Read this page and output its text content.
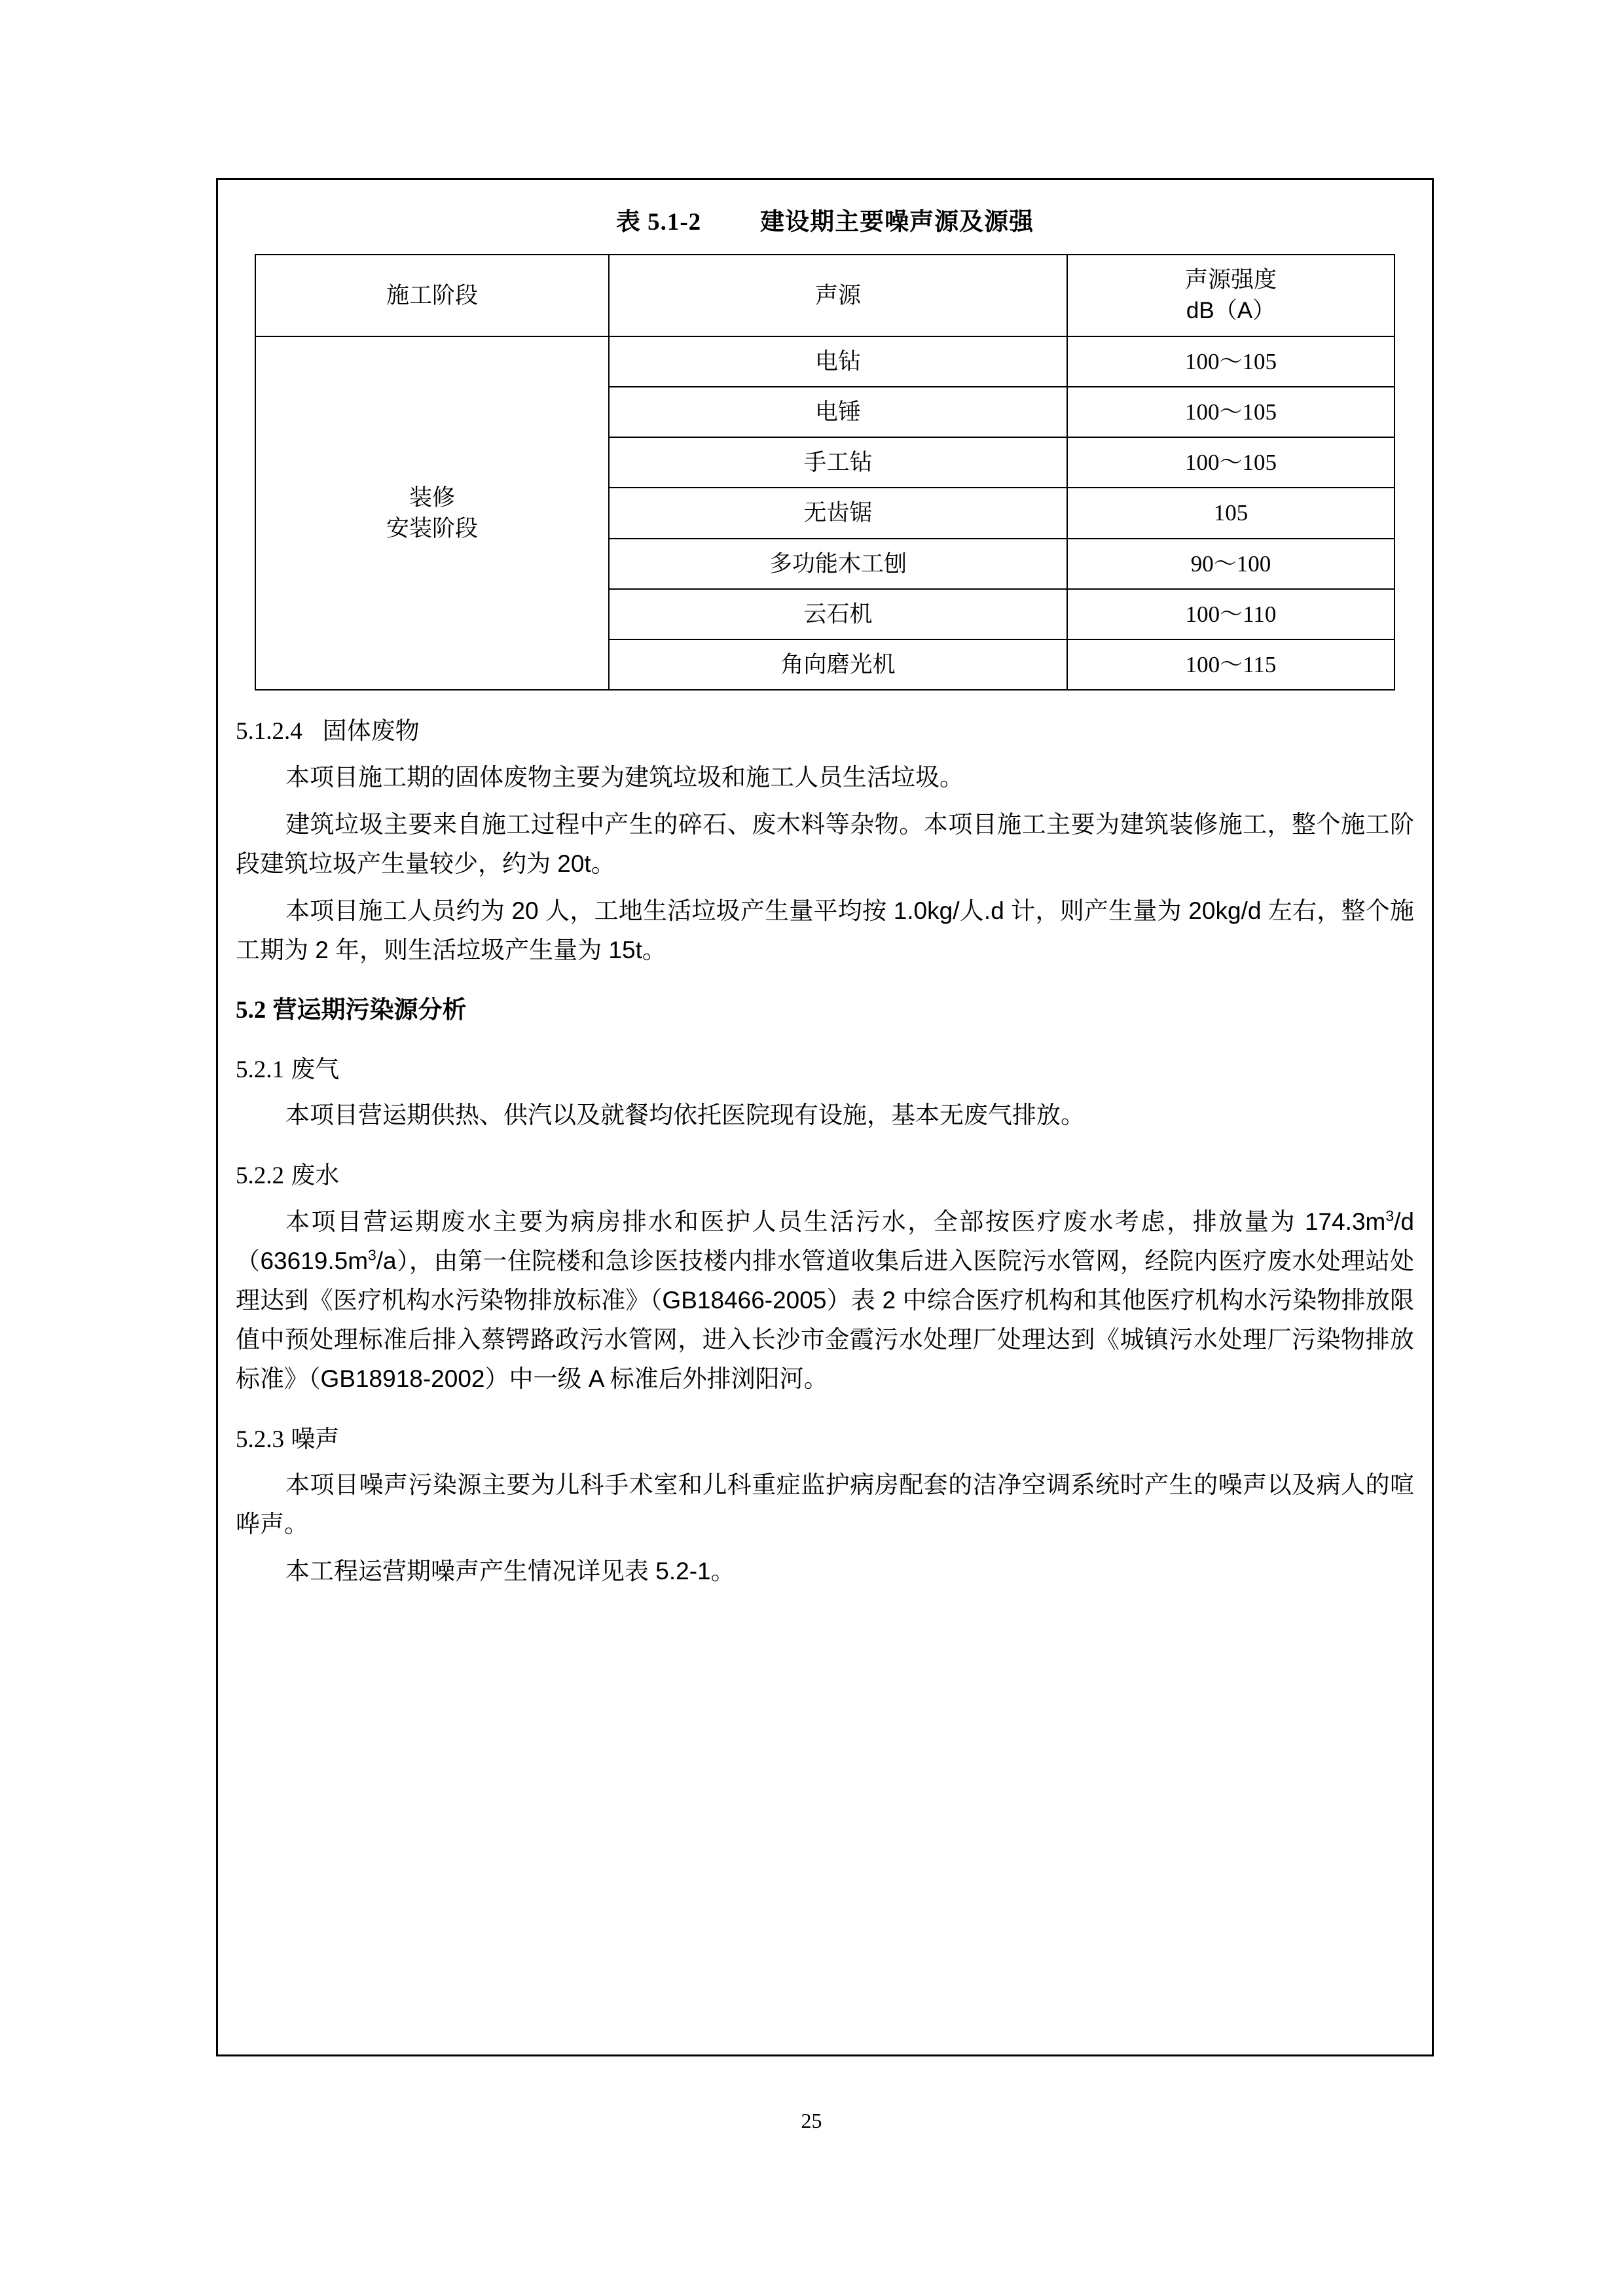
表 5.1-2 建设期主要噪声源及源强
施工阶段	声源	声源强度
dB（A）

装修
安装阶段	电钻	100～105
	电锤	100～105
	手工钻	100～105
	无齿锯	105
	多功能木工刨	90～100
	云石机	100～110
	角向磨光机	100～115
5.1.2.4 固体废物

本项目施工期的固体废物主要为建筑垃圾和施工人员生活垃圾。

建筑垃圾主要来自施工过程中产生的碎石、废木料等杂物。本项目施工主要为建筑装修施工，整个施工阶段建筑垃圾产生量较少，约为 20t。

本项目施工人员约为 20 人，工地生活垃圾产生量平均按 1.0kg/人.d 计，则产生量为 20kg/d 左右，整个施工期为 2 年，则生活垃圾产生量为 15t。

5.2 营运期污染源分析
5.2.1 废气

本项目营运期供热、供汽以及就餐均依托医院现有设施，基本无废气排放。

5.2.2 废水

本项目营运期废水主要为病房排水和医护人员生活污水，全部按医疗废水考虑，排放量为 $174.3m^3/d(63619.5m^3/a)$，由第一住院楼和急诊医技楼内排水管道收集后进入医院污水管网，经院内医疗废水处理站处理达到《医疗机构水污染物排放标准》（GB18466-2005）表 2 中综合医疗机构和其他医疗机构水污染物排放限值中预处理标准后排入蔡锷路政污水管网，进入长沙市金霞污水处理厂处理达到《城镇污水处理厂污染物排放标准》（GB18918-2002）中一级 A 标准后外排浏阳河。

5.2.3 噪声

本项目噪声污染源主要为儿科手术室和儿科重症监护病房配套的洁净空调系统时产生的噪声以及病人的喧哗声。

本工程运营期噪声产生情况详见表 5.2-1。

25
